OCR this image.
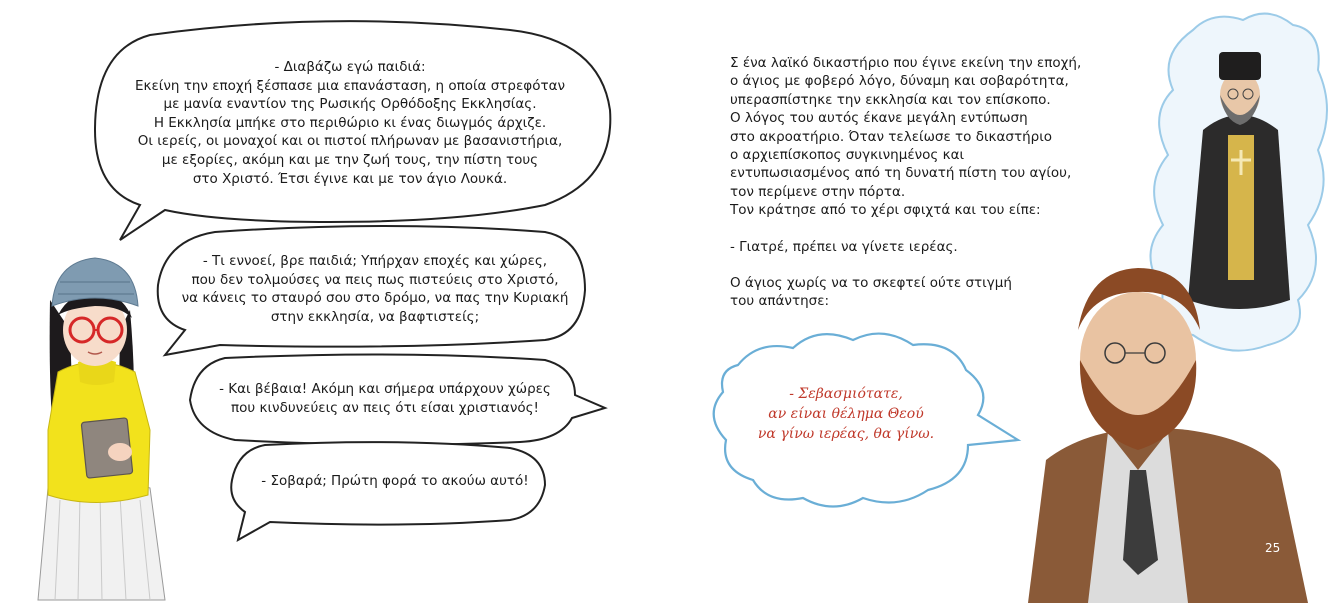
- Διαβάζω εγώ παιδιά:
Εκείνη την εποχή ξέσπασε μια επανάσταση, η οποία στρεφόταν
με μανία εναντίον της Ρωσικής Ορθόδοξης Εκκλησίας.
Η Εκκλησία μπήκε στο περιθώριο κι ένας διωγμός άρχιζε.
Οι ιερείς, οι μοναχοί και οι πιστοί πλήρωναν με βασανιστήρια,
με εξορίες, ακόμη και με την ζωή τους, την πίστη τους
στο Χριστό. Έτσι έγινε και με τον άγιο Λουκά.
- Τι εννοεί, βρε παιδιά; Υπήρχαν εποχές και χώρες,
που δεν τολμούσες να πεις πως πιστεύεις στο Χριστό,
να κάνεις το σταυρό σου στο δρόμο, να πας την Κυριακή
στην εκκλησία, να βαφτιστείς;
- Και βέβαια! Ακόμη και σήμερα υπάρχουν χώρες
που κινδυνεύεις αν πεις ότι είσαι χριστιανός!
- Σοβαρά; Πρώτη φορά το ακούω αυτό!
Σ ένα λαϊκό δικαστήριο που έγινε εκείνη την εποχή,
ο άγιος με φοβερό λόγο, δύναμη και σοβαρότητα,
υπερασπίστηκε την εκκλησία και τον επίσκοπο.
Ο λόγος του αυτός έκανε μεγάλη εντύπωση
στο ακροατήριο. Όταν τελείωσε το δικαστήριο
ο αρχιεπίσκοπος συγκινημένος και
εντυπωσιασμένος από τη δυνατή πίστη του αγίου,
τον περίμενε στην πόρτα.
Τον κράτησε από το χέρι σφιχτά και του είπε:
- Γιατρέ, πρέπει να γίνετε ιερέας.
Ο άγιος χωρίς να το σκεφτεί ούτε στιγμή
του απάντησε:
- Σεβασμιότατε,
αν είναι θέλημα Θεού
να γίνω ιερέας, θα γίνω.
25
